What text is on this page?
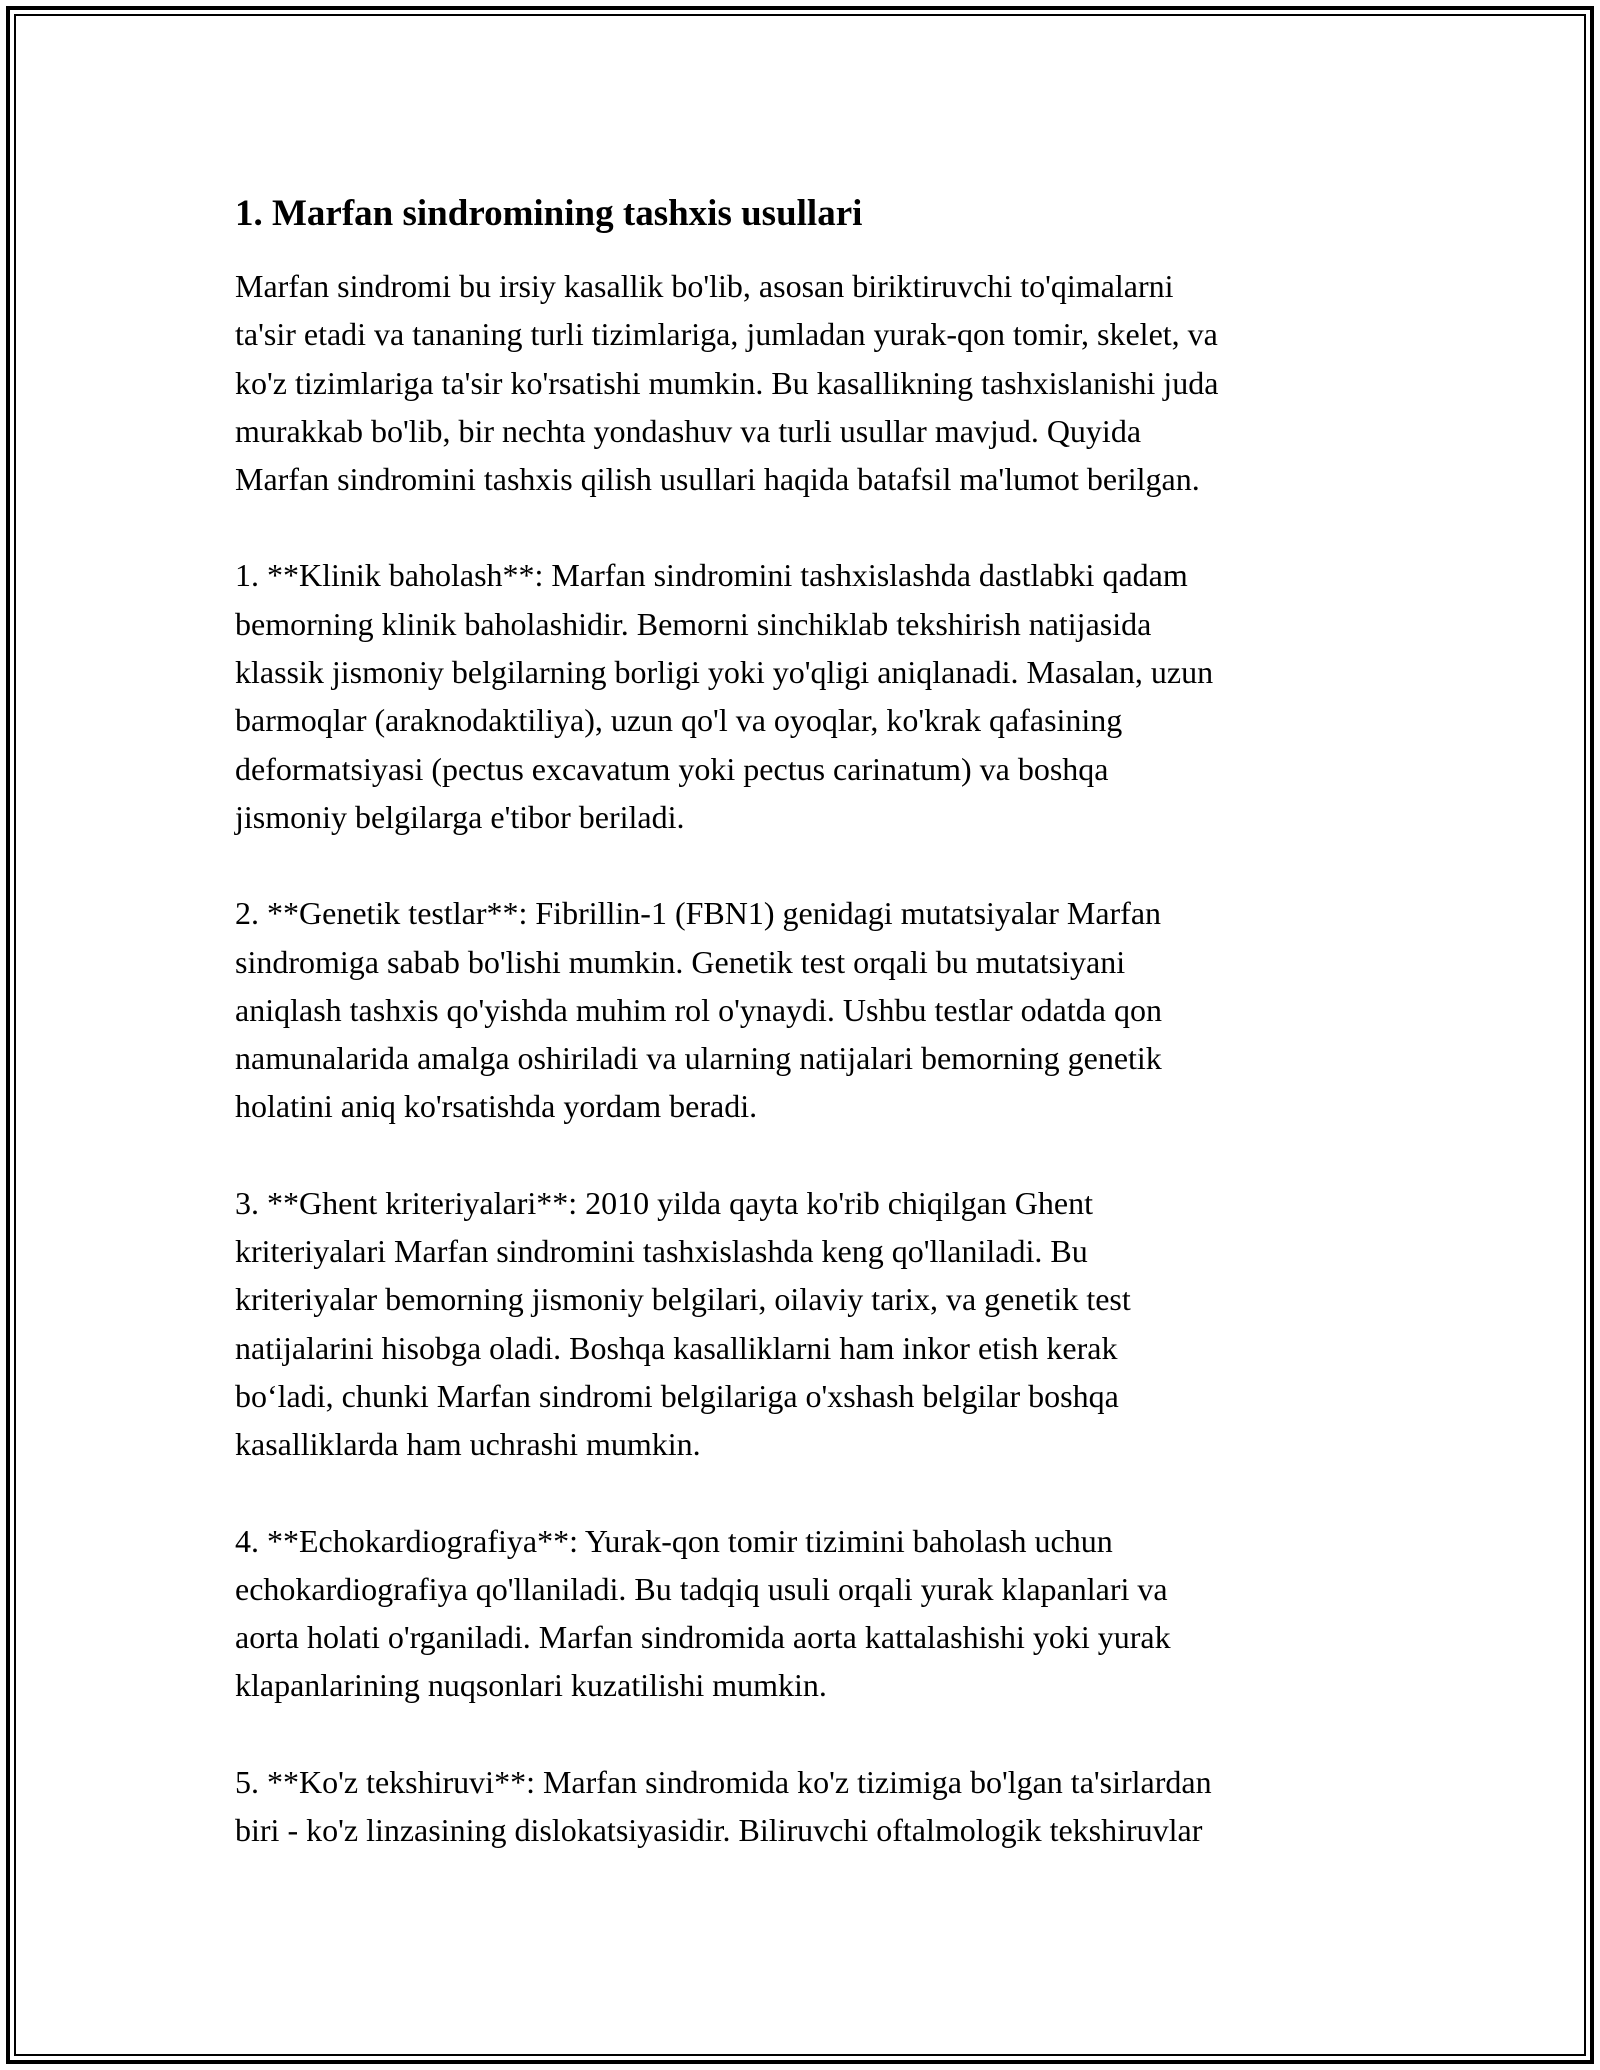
1. Marfan sindromining tashxis usullari

Marfan sindromi bu irsiy kasallik bo'lib, asosan biriktiruvchi to'qimalarni
ta'sir etadi va tananing turli tizimlariga, jumladan yurak-qon tomir, skelet, va
ko'z tizimlariga ta'sir ko'rsatishi mumkin. Bu kasallikning tashxislanishi juda
murakkab bo'lib, bir nechta yondashuv va turli usullar mavjud. Quyida
Marfan sindromini tashxis qilish usullari haqida batafsil ma'lumot berilgan.

1. **Klinik baholash**: Marfan sindromini tashxislashda dastlabki qadam
bemorning klinik baholashidir. Bemorni sinchiklab tekshirish natijasida
klassik jismoniy belgilarning borligi yoki yo'qligi aniqlanadi. Masalan, uzun
barmoqlar (araknodaktiliya), uzun qo'l va oyoqlar, ko'krak qafasining
deformatsiyasi (pectus excavatum yoki pectus carinatum) va boshqa
jismoniy belgilarga e'tibor beriladi.

2. **Genetik testlar**: Fibrillin-1 (FBN1) genidagi mutatsiyalar Marfan
sindromiga sabab bo'lishi mumkin. Genetik test orqali bu mutatsiyani
aniqlash tashxis qo'yishda muhim rol o'ynaydi. Ushbu testlar odatda qon
namunalarida amalga oshiriladi va ularning natijalari bemorning genetik
holatini aniq ko'rsatishda yordam beradi.

3. **Ghent kriteriyalari**: 2010 yilda qayta ko'rib chiqilgan Ghent
kriteriyalari Marfan sindromini tashxislashda keng qo'llaniladi. Bu
kriteriyalar bemorning jismoniy belgilari, oilaviy tarix, va genetik test
natijalarini hisobga oladi. Boshqa kasalliklarni ham inkor etish kerak
bo‘ladi, chunki Marfan sindromi belgilariga o'xshash belgilar boshqa
kasalliklarda ham uchrashi mumkin.

4. **Echokardiografiya**: Yurak-qon tomir tizimini baholash uchun
echokardiografiya qo'llaniladi. Bu tadqiq usuli orqali yurak klapanlari va
aorta holati o'rganiladi. Marfan sindromida aorta kattalashishi yoki yurak
klapanlarining nuqsonlari kuzatilishi mumkin.

5. **Ko'z tekshiruvi**: Marfan sindromida ko'z tizimiga bo'lgan ta'sirlardan
biri - ko'z linzasining dislokatsiyasidir. Biliruvchi oftalmologik tekshiruvlar
